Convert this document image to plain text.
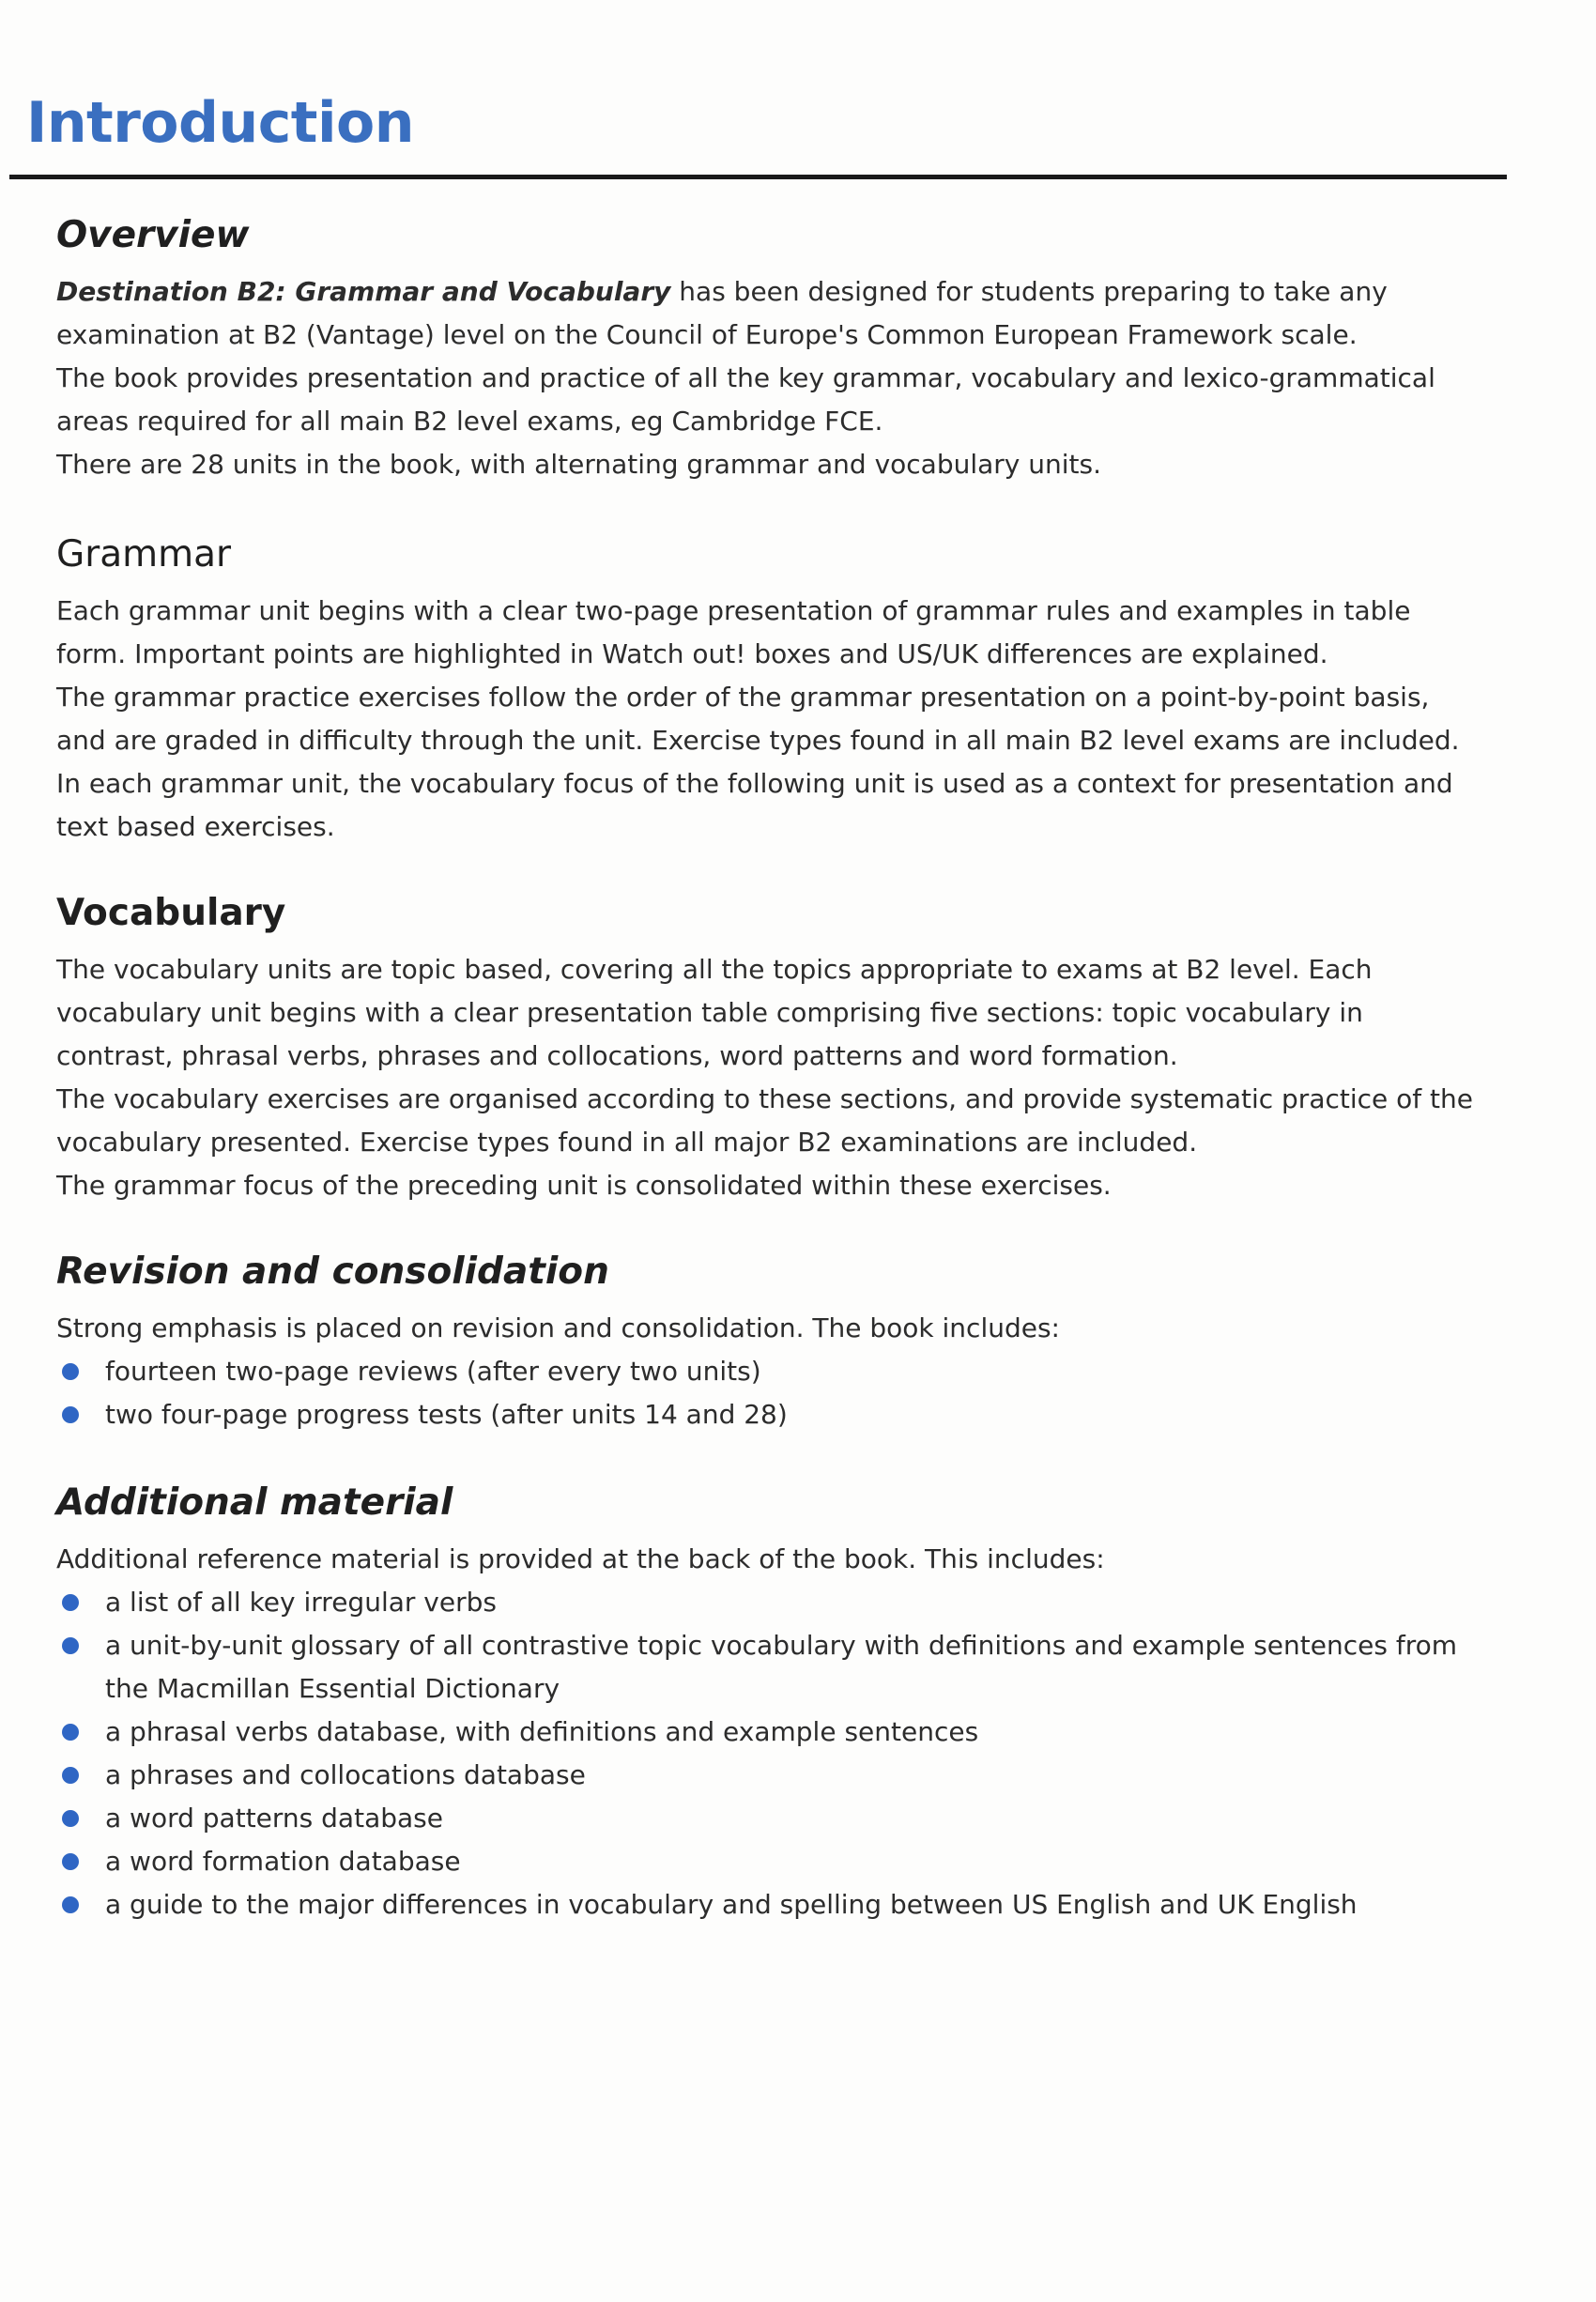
Introduction
Overview

Destination B2: Grammar and Vocabulary has been designed for students preparing to take any examination at B2 (Vantage) level on the Council of Europe's Common European Framework scale.

The book provides presentation and practice of all the key grammar, vocabulary and lexico-grammatical areas required for all main B2 level exams, eg Cambridge FCE.

There are 28 units in the book, with alternating grammar and vocabulary units.

Grammar

Each grammar unit begins with a clear two-page presentation of grammar rules and examples in table form. Important points are highlighted in Watch out! boxes and US/UK differences are explained.

The grammar practice exercises follow the order of the grammar presentation on a point-by-point basis, and are graded in difficulty through the unit. Exercise types found in all main B2 level exams are included.

In each grammar unit, the vocabulary focus of the following unit is used as a context for presentation and text based exercises.

Vocabulary

The vocabulary units are topic based, covering all the topics appropriate to exams at B2 level. Each vocabulary unit begins with a clear presentation table comprising five sections: topic vocabulary in contrast, phrasal verbs, phrases and collocations, word patterns and word formation.

The vocabulary exercises are organised according to these sections, and provide systematic practice of the vocabulary presented. Exercise types found in all major B2 examinations are included.

The grammar focus of the preceding unit is consolidated within these exercises.

Revision and consolidation

Strong emphasis is placed on revision and consolidation. The book includes:

fourteen two-page reviews (after every two units)
two four-page progress tests (after units 14 and 28)
Additional material

Additional reference material is provided at the back of the book. This includes:

a list of all key irregular verbs
a unit-by-unit glossary of all contrastive topic vocabulary with definitions and example sentences from the Macmillan Essential Dictionary
a phrasal verbs database, with definitions and example sentences
a phrases and collocations database
a word patterns database
a word formation database
a guide to the major differences in vocabulary and spelling between US English and UK English
